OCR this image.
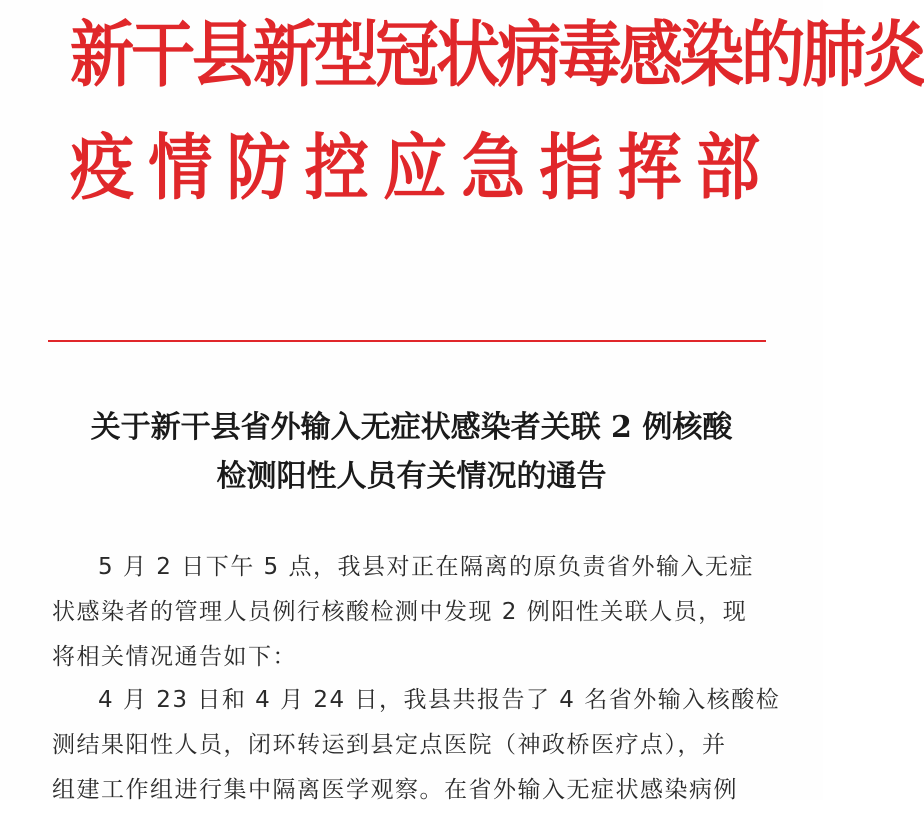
新干县新型冠状病毒感染的肺炎
疫 情 防 控 应 急 指 挥 部
关于新干县省外输入无症状感染者关联 2 例核酸
检测阳性人员有关情况的通告
5 月 2 日下午 5 点，我县对正在隔离的原负责省外输入无症
状感染者的管理人员例行核酸检测中发现 2 例阳性关联人员，现
将相关情况通告如下：
4 月 23 日和 4 月 24 日，我县共报告了 4 名省外输入核酸检
测结果阳性人员，闭环转运到县定点医院（神政桥医疗点），并
组建工作组进行集中隔离医学观察。在省外输入无症状感染病例
